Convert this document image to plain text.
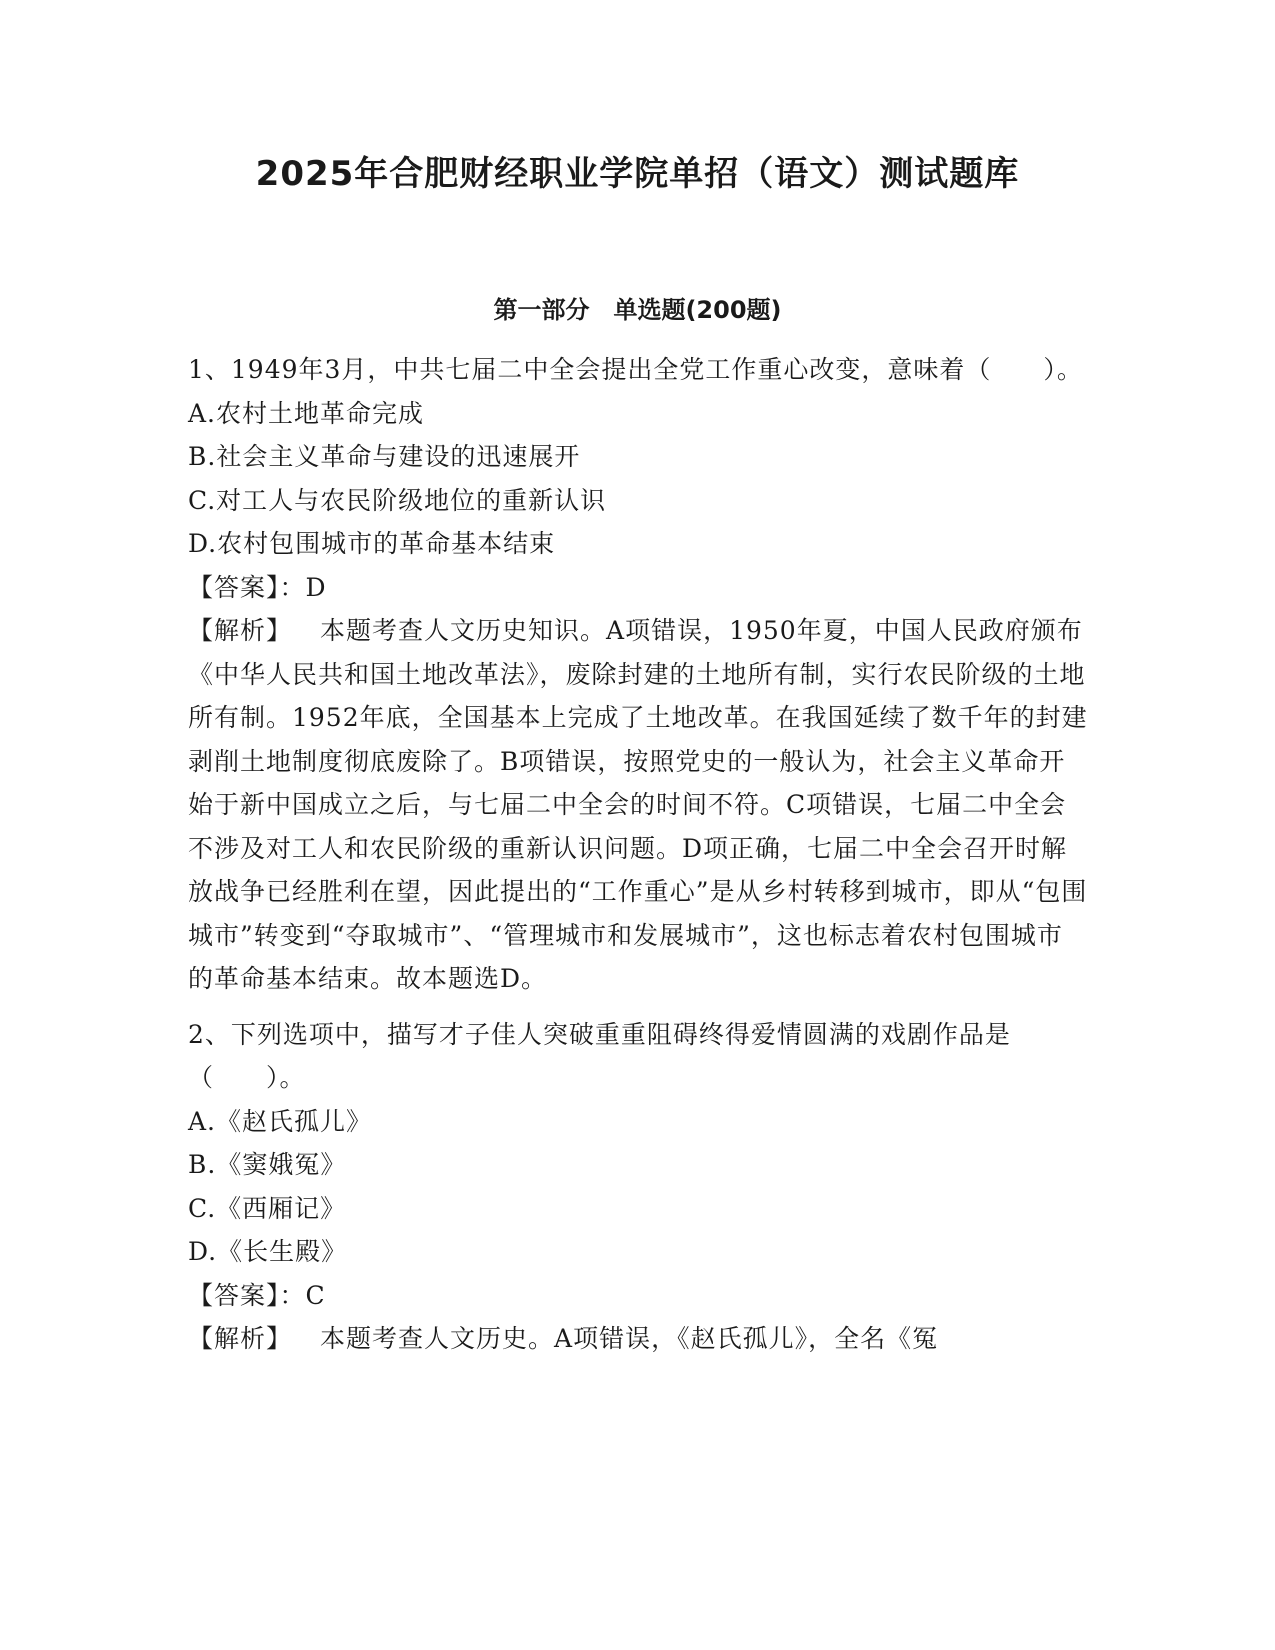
2025年合肥财经职业学院单招（语文）测试题库
第一部分　单选题(200题)

1、1949年3月，中共七届二中全会提出全党工作重心改变，意味着（　　）。

A.农村土地革命完成

B.社会主义革命与建设的迅速展开

C.对工人与农民阶级地位的重新认识

D.农村包围城市的革命基本结束

【答案】：D

【解析】 本题考查人文历史知识。A项错误，1950年夏，中国人民政府颁布《中华人民共和国土地改革法》，废除封建的土地所有制，实行农民阶级的土地所有制。1952年底，全国基本上完成了土地改革。在我国延续了数千年的封建剥削土地制度彻底废除了。B项错误，按照党史的一般认为，社会主义革命开始于新中国成立之后，与七届二中全会的时间不符。C项错误，七届二中全会不涉及对工人和农民阶级的重新认识问题。D项正确，七届二中全会召开时解放战争已经胜利在望，因此提出的“工作重心”是从乡村转移到城市，即从“包围城市”转变到“夺取城市”、“管理城市和发展城市”，这也标志着农村包围城市的革命基本结束。故本题选D。

2、下列选项中，描写才子佳人突破重重阻碍终得爱情圆满的戏剧作品是（　　）。

A.《赵氏孤儿》

B.《窦娥冤》

C.《西厢记》

D.《长生殿》

【答案】：C

【解析】 本题考查人文历史。A项错误，《赵氏孤儿》，全名《冤
